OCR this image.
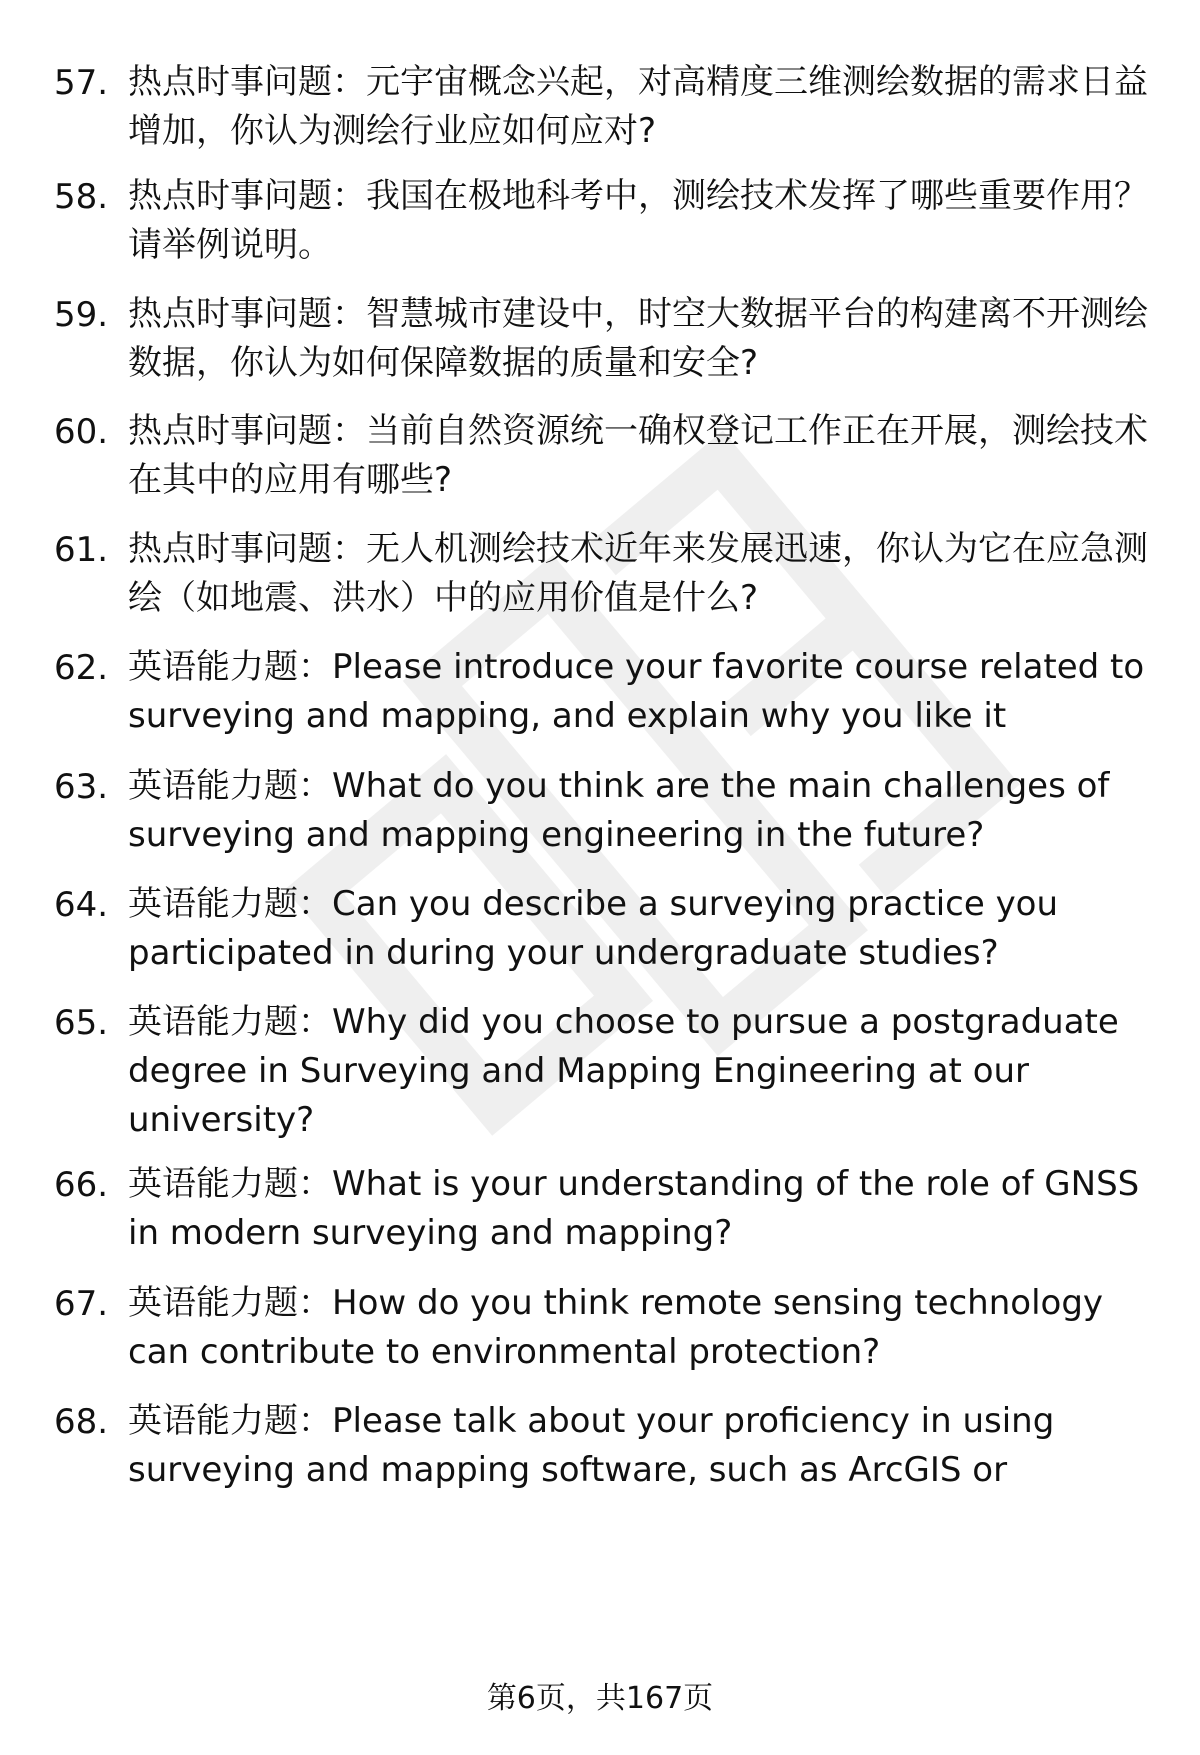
57. 热点时事问题：元宇宙概念兴起，对高精度三维测绘数据的需求日益增加，你认为测绘行业应如何应对?
58. 热点时事问题：我国在极地科考中，测绘技术发挥了哪些重要作用？请举例说明。
59. 热点时事问题：智慧城市建设中，时空大数据平台的构建离不开测绘数据，你认为如何保障数据的质量和安全?
60. 热点时事问题：当前自然资源统一确权登记工作正在开展，测绘技术在其中的应用有哪些?
61. 热点时事问题：无人机测绘技术近年来发展迅速，你认为它在应急测绘（如地震、洪水）中的应用价值是什么?
62. 英语能力题：Please introduce your favorite course related to surveying and mapping, and explain why you like it
63. 英语能力题：What do you think are the main challenges of surveying and mapping engineering in the future?
64. 英语能力题：Can you describe a surveying practice you participated in during your undergraduate studies?
65. 英语能力题：Why did you choose to pursue a postgraduate degree in Surveying and Mapping Engineering at our university?
66. 英语能力题：What is your understanding of the role of GNSS in modern surveying and mapping?
67. 英语能力题：How do you think remote sensing technology can contribute to environmental protection?
68. 英语能力题：Please talk about your proficiency in using surveying and mapping software, such as ArcGIS or
第6页，共167页
